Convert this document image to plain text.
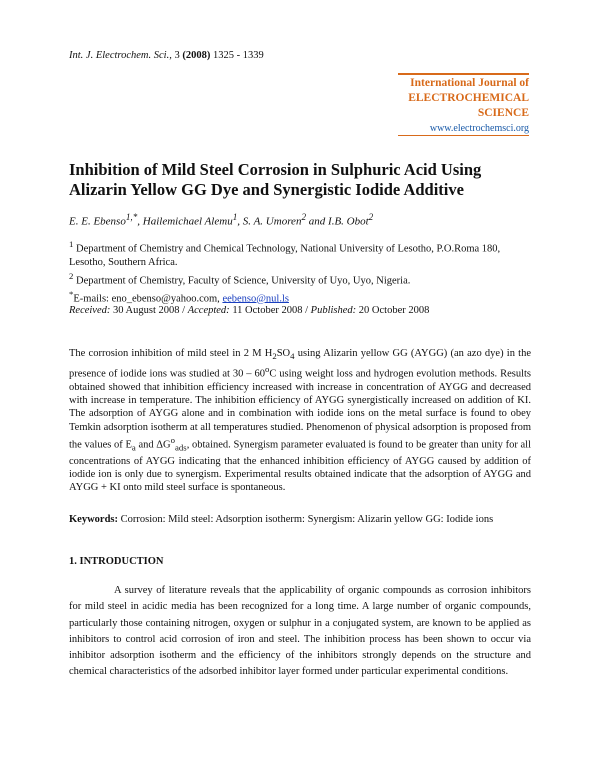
Int. J. Electrochem. Sci., 3 (2008) 1325 - 1339
International Journal of
ELECTROCHEMICAL
SCIENCE
www.electrochemsci.org
Inhibition of Mild Steel Corrosion in Sulphuric Acid Using Alizarin Yellow GG Dye and Synergistic Iodide Additive
E. E. Ebenso$^{1,*}$, Hailemichael Alemu$^1$, S. A. Umoren$^2$ and I.B. Obot$^2$
$^1$ Department of Chemistry and Chemical Technology, National University of Lesotho, P.O.Roma 180, Lesotho, Southern Africa.
$^2$ Department of Chemistry, Faculty of Science, University of Uyo, Uyo, Nigeria.
*E-mails: eno_ebenso@yahoo.com, eebenso@nul.ls
Received: 30 August 2008 / Accepted: 11 October 2008 / Published: 20 October 2008
The corrosion inhibition of mild steel in 2 M $H_2SO_4$ using Alizarin yellow GG (AYGG) (an azo dye) in the presence of iodide ions was studied at 30 – 60$^o$C using weight loss and hydrogen evolution methods. Results obtained showed that inhibition efficiency increased with increase in concentration of AYGG and decreased with increase in temperature. The inhibition efficiency of AYGG synergistically increased on addition of KI. The adsorption of AYGG alone and in combination with iodide ions on the metal surface is found to obey Temkin adsorption isotherm at all temperatures studied. Phenomenon of physical adsorption is proposed from the values of $E_a$ and $\Delta G^o_{ads}$, obtained. Synergism parameter evaluated is found to be greater than unity for all concentrations of AYGG indicating that the enhanced inhibition efficiency of AYGG caused by addition of iodide ion is only due to synergism. Experimental results obtained indicate that the adsorption of AYGG and AYGG + KI onto mild steel surface is spontaneous.
Keywords: Corrosion: Mild steel: Adsorption isotherm: Synergism: Alizarin yellow GG: Iodide ions
1. INTRODUCTION
A survey of literature reveals that the applicability of organic compounds as corrosion inhibitors for mild steel in acidic media has been recognized for a long time. A large number of organic compounds, particularly those containing nitrogen, oxygen or sulphur in a conjugated system, are known to be applied as inhibitors to control acid corrosion of iron and steel. The inhibition process has been shown to occur via inhibitor adsorption isotherm and the efficiency of the inhibitors strongly depends on the structure and chemical characteristics of the adsorbed inhibitor layer formed under particular experimental conditions.
